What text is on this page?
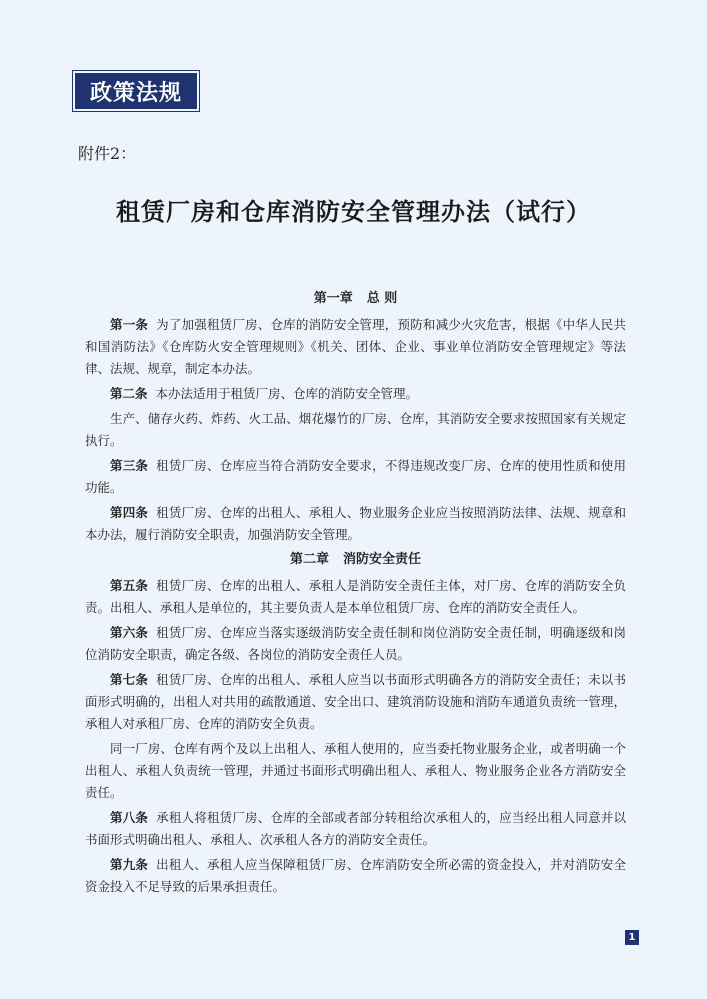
政策法规
附件2：
租赁厂房和仓库消防安全管理办法（试行）
第一章 总 则

第一条 为了加强租赁厂房、仓库的消防安全管理，预防和减少火灾危害，根据《中华人民共和国消防法》《仓库防火安全管理规则》《机关、团体、企业、事业单位消防安全管理规定》等法律、法规、规章，制定本办法。

第二条 本办法适用于租赁厂房、仓库的消防安全管理。

生产、储存火药、炸药、火工品、烟花爆竹的厂房、仓库，其消防安全要求按照国家有关规定执行。

第三条 租赁厂房、仓库应当符合消防安全要求，不得违规改变厂房、仓库的使用性质和使用功能。

第四条 租赁厂房、仓库的出租人、承租人、物业服务企业应当按照消防法律、法规、规章和本办法，履行消防安全职责，加强消防安全管理。

第二章 消防安全责任

第五条 租赁厂房、仓库的出租人、承租人是消防安全责任主体，对厂房、仓库的消防安全负责。出租人、承租人是单位的，其主要负责人是本单位租赁厂房、仓库的消防安全责任人。

第六条 租赁厂房、仓库应当落实逐级消防安全责任制和岗位消防安全责任制，明确逐级和岗位消防安全职责，确定各级、各岗位的消防安全责任人员。

第七条 租赁厂房、仓库的出租人、承租人应当以书面形式明确各方的消防安全责任；未以书面形式明确的，出租人对共用的疏散通道、安全出口、建筑消防设施和消防车通道负责统一管理，承租人对承租厂房、仓库的消防安全负责。

同一厂房、仓库有两个及以上出租人、承租人使用的，应当委托物业服务企业，或者明确一个出租人、承租人负责统一管理，并通过书面形式明确出租人、承租人、物业服务企业各方消防安全责任。

第八条 承租人将租赁厂房、仓库的全部或者部分转租给次承租人的，应当经出租人同意并以书面形式明确出租人、承租人、次承租人各方的消防安全责任。

第九条 出租人、承租人应当保障租赁厂房、仓库消防安全所必需的资金投入，并对消防安全资金投入不足导致的后果承担责任。

1
